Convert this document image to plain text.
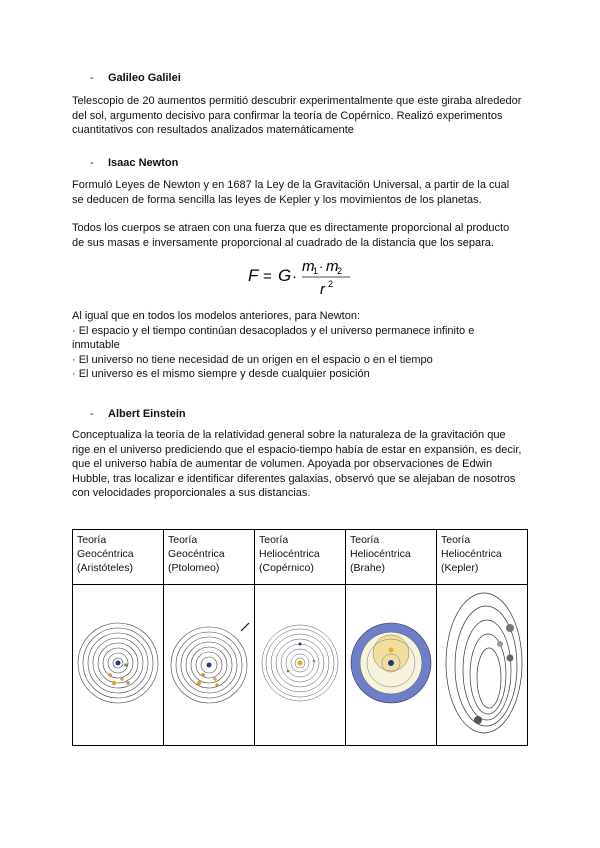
- Galileo Galilei
Telescopio de 20 aumentos permitió descubrir experimentalmente que este giraba alrededor
del sol, argumento decisivo para confirmar la teoría de Copérnico. Realizó experimentos
cuantitativos con resultados analizados matemáticamente
- Isaac Newton
Formuló Leyes de Newton y en 1687 la Ley de la Gravitación Universal, a partir de la cual
se deducen de forma sencilla las leyes de Kepler y los movimientos de los planetas.
Todos los cuerpos se atraen con una fuerza que es directamente proporcional al producto
de sus masas e inversamente proporcional al cuadrado de la distancia que los separa.
F = G ·
m
1 · m
2
r 2
Al igual que en todos los modelos anteriores, para Newton:
· El espacio y el tiempo continúan desacoplados y el universo permanece infinito e
inmutable
· El universo no tiene necesidad de un origen en el espacio o en el tiempo
· El universo es el mismo siempre y desde cualquier posición
- Albert Einstein
Conceptualiza la teoría de la relatividad general sobre la naturaleza de la gravitación que
rige en el universo prediciendo que el espacio-tiempo había de estar en expansión, es decir,
que el universo había de aumentar de volumen. Apoyada por observaciones de Edwin
Hubble, tras localizar e identificar diferentes galaxias, observó que se alejaban de nosotros
con velocidades proporcionales a sus distancias.
Teoría
Geocéntrica
(Aristóteles)	Teoría
Geocéntrica
(Ptolomeo)	Teoría
Heliocéntrica
(Copérnico)	Teoría
Heliocéntrica
(Brahe)	Teoría
Heliocéntrica
(Kepler)
